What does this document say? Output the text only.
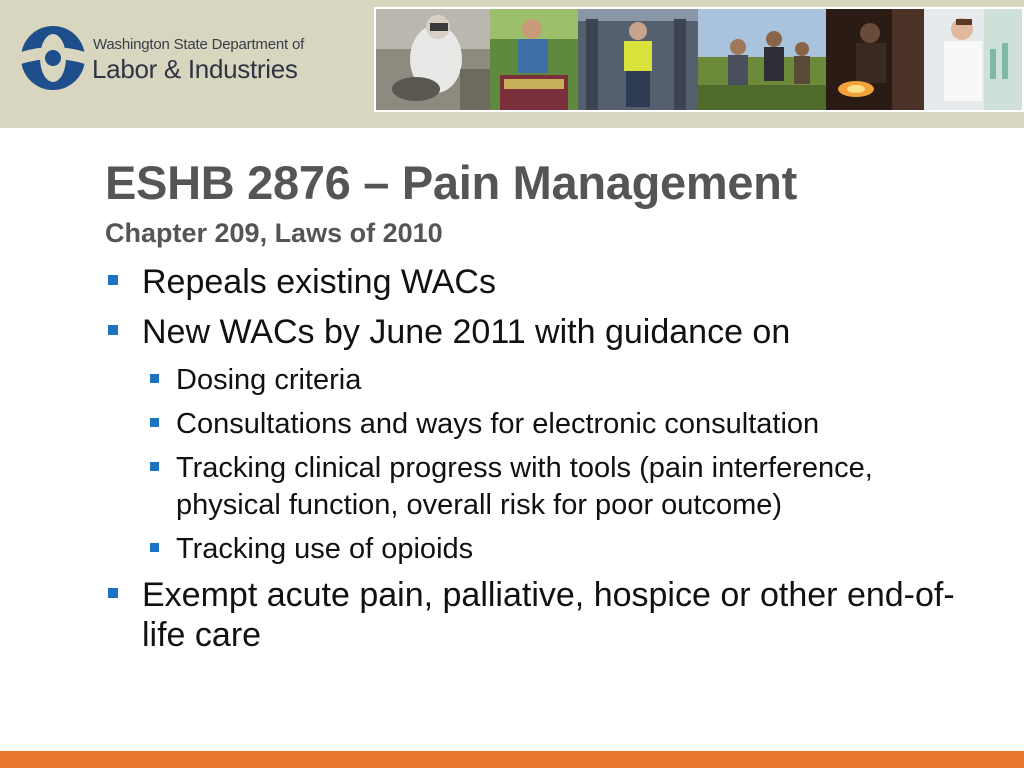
Washington State Department of
Labor & Industries
ESHB 2876 – Pain Management
Chapter 209, Laws of 2010
Repeals existing WACs
New WACs by June 2011 with guidance on
Dosing criteria
Consultations and ways for electronic consultation
Tracking clinical progress with tools (pain interference, physical function, overall risk for poor outcome)
Tracking use of opioids
Exempt acute pain, palliative, hospice or other end-of-life care
